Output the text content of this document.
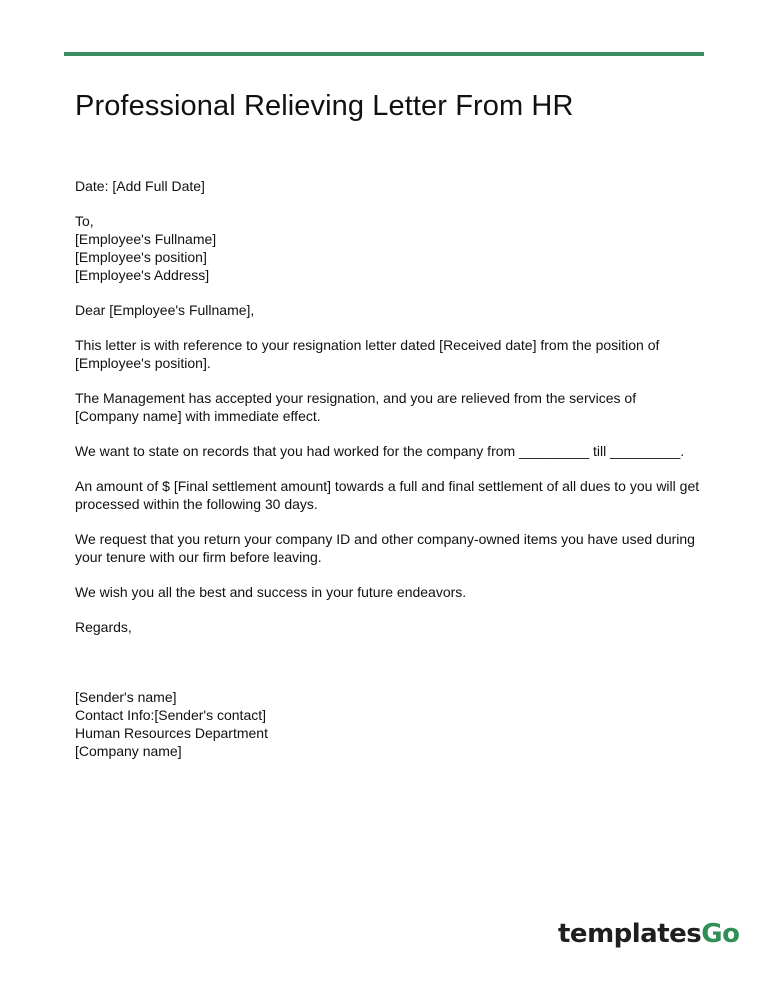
Professional Relieving Letter From HR

Date: [Add Full Date]

To,
[Employee's Fullname]
[Employee's position]
[Employee's Address]

Dear [Employee's Fullname],

This letter is with reference to your resignation letter dated [Received date] from the position of [Employee's position].

The Management has accepted your resignation, and you are relieved from the services of [Company name] with immediate effect.

We want to state on records that you had worked for the company from _________ till _________.

An amount of $ [Final settlement amount] towards a full and final settlement of all dues to you will get processed within the following 30 days.

We request that you return your company ID and other company-owned items you have used during your tenure with our firm before leaving.

We wish you all the best and success in your future endeavors.

Regards,

[Sender's name]
Contact Info:[Sender's contact]
Human Resources Department
[Company name]
templatesGo
